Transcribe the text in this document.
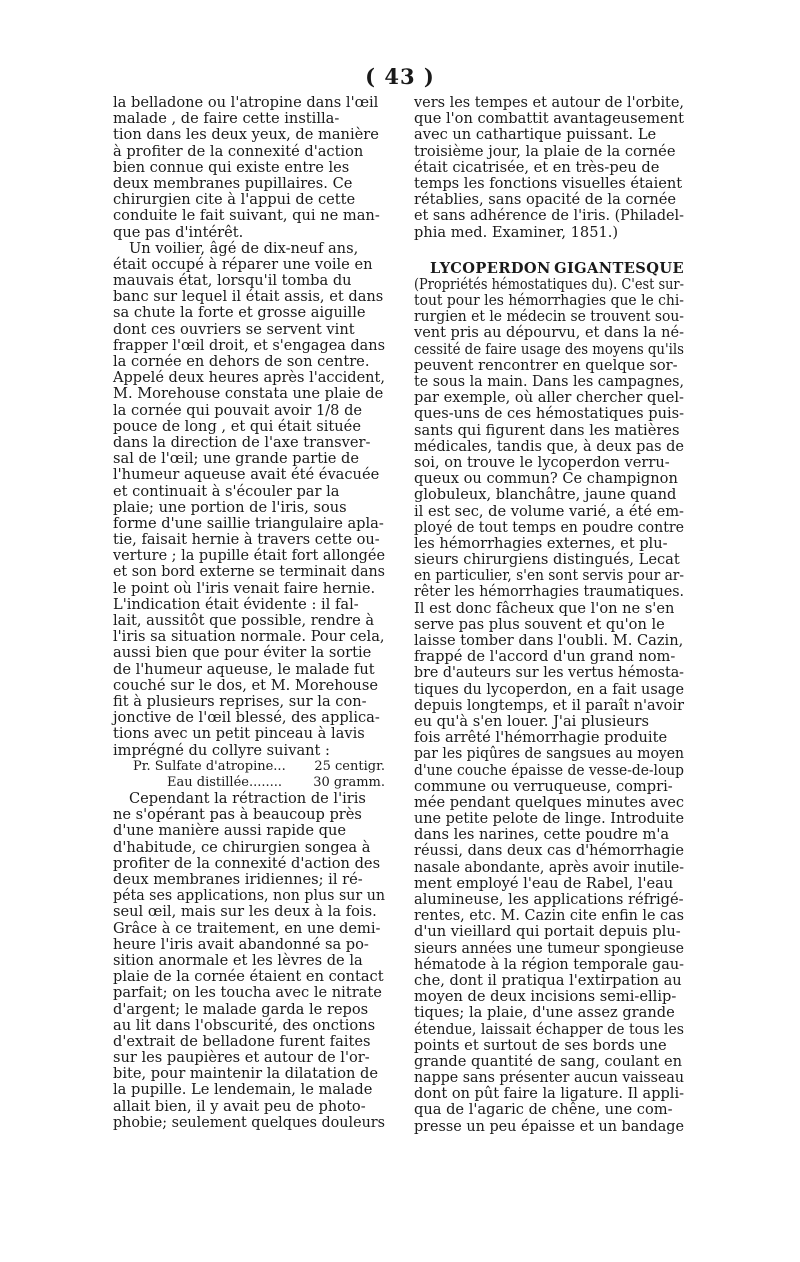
( 43 )
la belladone ou l'atropine dans l'œil
malade , de faire cette instilla-
tion dans les deux yeux, de manière
à profiter de la connexité d'action
bien connue qui existe entre les
deux membranes pupillaires. Ce
chirurgien cite à l'appui de cette
conduite le fait suivant, qui ne man-
que pas d'intérêt.
Un voilier, âgé de dix-neuf ans,
était occupé à réparer une voile en
mauvais état, lorsqu'il tomba du
banc sur lequel il était assis, et dans
sa chute la forte et grosse aiguille
dont ces ouvriers se servent vint
frapper l'œil droit, et s'engagea dans
la cornée en dehors de son centre.
Appelé deux heures après l'accident,
M. Morehouse constata une plaie de
la cornée qui pouvait avoir 1/8 de
pouce de long , et qui était située
dans la direction de l'axe transver-
sal de l'œil; une grande partie de
l'humeur aqueuse avait été évacuée
et continuait à s'écouler par la
plaie; une portion de l'iris, sous
forme d'une saillie triangulaire apla-
tie, faisait hernie à travers cette ou-
verture ; la pupille était fort allongée
et son bord externe se terminait dans
le point où l'iris venait faire hernie.
L'indication était évidente : il fal-
lait, aussitôt que possible, rendre à
l'iris sa situation normale. Pour cela,
aussi bien que pour éviter la sortie
de l'humeur aqueuse, le malade fut
couché sur le dos, et M. Morehouse
fit à plusieurs reprises, sur la con-
jonctive de l'œil blessé, des applica-
tions avec un petit pinceau à lavis
imprégné du collyre suivant :
Pr. Sulfate d'atropine... 25 centigr.
Eau distillée........ 30 gramm.
Cependant la rétraction de l'iris
ne s'opérant pas à beaucoup près
d'une manière aussi rapide que
d'habitude, ce chirurgien songea à
profiter de la connexité d'action des
deux membranes iridiennes; il ré-
péta ses applications, non plus sur un
seul œil, mais sur les deux à la fois.
Grâce à ce traitement, en une demi-
heure l'iris avait abandonné sa po-
sition anormale et les lèvres de la
plaie de la cornée étaient en contact
parfait; on les toucha avec le nitrate
d'argent; le malade garda le repos
au lit dans l'obscurité, des onctions
d'extrait de belladone furent faites
sur les paupières et autour de l'or-
bite, pour maintenir la dilatation de
la pupille. Le lendemain, le malade
allait bien, il y avait peu de photo-
phobie; seulement quelques douleurs
vers les tempes et autour de l'orbite,
que l'on combattit avantageusement
avec un cathartique puissant. Le
troisième jour, la plaie de la cornée
était cicatrisée, et en très-peu de
temps les fonctions visuelles étaient
rétablies, sans opacité de la cornée
et sans adhérence de l'iris. (Philadel-
phia med. Examiner, 1851.)
LYCOPERDON GIGANTESQUE
(Propriétés hémostatiques du). C'est sur-
tout pour les hémorrhagies que le chi-
rurgien et le médecin se trouvent sou-
vent pris au dépourvu, et dans la né-
cessité de faire usage des moyens qu'ils
peuvent rencontrer en quelque sor-
te sous la main. Dans les campagnes,
par exemple, où aller chercher quel-
ques-uns de ces hémostatiques puis-
sants qui figurent dans les matières
médicales, tandis que, à deux pas de
soi, on trouve le lycoperdon verru-
queux ou commun? Ce champignon
globuleux, blanchâtre, jaune quand
il est sec, de volume varié, a été em-
ployé de tout temps en poudre contre
les hémorrhagies externes, et plu-
sieurs chirurgiens distingués, Lecat
en particulier, s'en sont servis pour ar-
rêter les hémorrhagies traumatiques.
Il est donc fâcheux que l'on ne s'en
serve pas plus souvent et qu'on le
laisse tomber dans l'oubli. M. Cazin,
frappé de l'accord d'un grand nom-
bre d'auteurs sur les vertus hémosta-
tiques du lycoperdon, en a fait usage
depuis longtemps, et il paraît n'avoir
eu qu'à s'en louer. J'ai plusieurs
fois arrêté l'hémorrhagie produite
par les piqûres de sangsues au moyen
d'une couche épaisse de vesse-de-loup
commune ou verruqueuse, compri-
mée pendant quelques minutes avec
une petite pelote de linge. Introduite
dans les narines, cette poudre m'a
réussi, dans deux cas d'hémorrhagie
nasale abondante, après avoir inutile-
ment employé l'eau de Rabel, l'eau
alumineuse, les applications réfrigé-
rentes, etc. M. Cazin cite enfin le cas
d'un vieillard qui portait depuis plu-
sieurs années une tumeur spongieuse
hématode à la région temporale gau-
che, dont il pratiqua l'extirpation au
moyen de deux incisions semi-ellip-
tiques; la plaie, d'une assez grande
étendue, laissait échapper de tous les
points et surtout de ses bords une
grande quantité de sang, coulant en
nappe sans présenter aucun vaisseau
dont on pût faire la ligature. Il appli-
qua de l'agaric de chêne, une com-
presse un peu épaisse et un bandage
